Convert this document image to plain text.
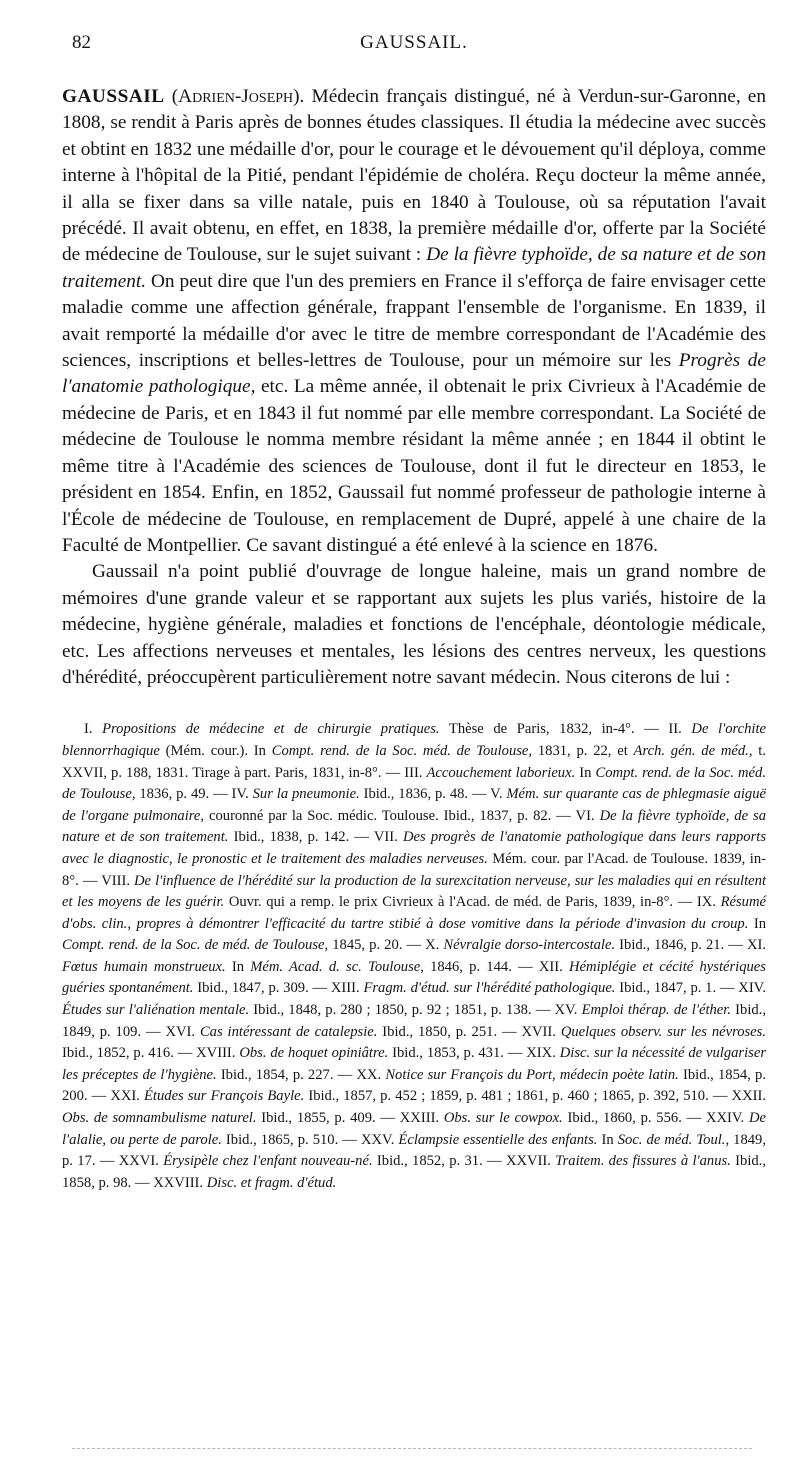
82	GAUSSAIL.

GAUSSAIL (Adrien-Joseph). Médecin français distingué, né à Verdun-sur-Garonne, en 1808, se rendit à Paris après de bonnes études classiques. Il étudia la médecine avec succès et obtint en 1832 une médaille d'or, pour le courage et le dévouement qu'il déploya, comme interne à l'hôpital de la Pitié, pendant l'épidémie de choléra. Reçu docteur la même année, il alla se fixer dans sa ville natale, puis en 1840 à Toulouse, où sa réputation l'avait précédé. Il avait obtenu, en effet, en 1838, la première médaille d'or, offerte par la Société de médecine de Toulouse, sur le sujet suivant : De la fièvre typhoïde, de sa nature et de son traitement. On peut dire que l'un des premiers en France il s'efforça de faire envisager cette maladie comme une affection générale, frappant l'ensemble de l'organisme. En 1839, il avait remporté la médaille d'or avec le titre de membre correspondant de l'Académie des sciences, inscriptions et belles-lettres de Toulouse, pour un mémoire sur les Progrès de l'anatomie pathologique, etc. La même année, il obtenait le prix Civrieux à l'Académie de médecine de Paris, et en 1843 il fut nommé par elle membre correspondant. La Société de médecine de Toulouse le nomma membre résidant la même année ; en 1844 il obtint le même titre à l'Académie des sciences de Toulouse, dont il fut le directeur en 1853, le président en 1854. Enfin, en 1852, Gaussail fut nommé professeur de pathologie interne à l'École de médecine de Toulouse, en remplacement de Dupré, appelé à une chaire de la Faculté de Montpellier. Ce savant distingué a été enlevé à la science en 1876.

Gaussail n'a point publié d'ouvrage de longue haleine, mais un grand nombre de mémoires d'une grande valeur et se rapportant aux sujets les plus variés, histoire de la médecine, hygiène générale, maladies et fonctions de l'encéphale, déontologie médicale, etc. Les affections nerveuses et mentales, les lésions des centres nerveux, les questions d'hérédité, préoccupèrent particulièrement notre savant médecin. Nous citerons de lui :

I. Propositions de médecine et de chirurgie pratiques. Thèse de Paris, 1832, in-4°. — II. De l'orchite blennorrhagique (Mém. cour.). In Compt. rend. de la Soc. méd. de Toulouse, 1831, p. 22, et Arch. gén. de méd., t. XXVII, p. 188, 1831. Tirage à part. Paris, 1831, in-8°. — III. Accouchement laborieux. In Compt. rend. de la Soc. méd. de Toulouse, 1836, p. 49. — IV. Sur la pneumonie. Ibid., 1836, p. 48. — V. Mém. sur quarante cas de phlegmasie aiguë de l'organe pulmonaire, couronné par la Soc. médic. Toulouse. Ibid., 1837, p. 82. — VI. De la fièvre typhoïde, de sa nature et de son traitement. Ibid., 1838, p. 142. — VII. Des progrès de l'anatomie pathologique dans leurs rapports avec le diagnostic, le pronostic et le traitement des maladies nerveuses. Mém. cour. par l'Acad. de Toulouse. 1839, in-8°. — VIII. De l'influence de l'hérédité sur la production de la surexcitation nerveuse, sur les maladies qui en résultent et les moyens de les guérir. Ouvr. qui a remp. le prix Civrieux à l'Acad. de méd. de Paris, 1839, in-8°. — IX. Résumé d'obs. clin., propres à démontrer l'efficacité du tartre stibié à dose vomitive dans la période d'invasion du croup. In Compt. rend. de la Soc. de méd. de Toulouse, 1845, p. 20. — X. Névralgie dorso-intercostale. Ibid., 1846, p. 21. — XI. Fœtus humain monstrueux. In Mém. Acad. d. sc. Toulouse, 1846, p. 144. — XII. Hémiplégie et cécité hystériques guéries spontanément. Ibid., 1847, p. 309. — XIII. Fragm. d'étud. sur l'hérédité pathologique. Ibid., 1847, p. 1. — XIV. Études sur l'aliénation mentale. Ibid., 1848, p. 280 ; 1850, p. 92 ; 1851, p. 138. — XV. Emploi thérap. de l'éther. Ibid., 1849, p. 109. — XVI. Cas intéressant de catalepsie. Ibid., 1850, p. 251. — XVII. Quelques observ. sur les névroses. Ibid., 1852, p. 416. — XVIII. Obs. de hoquet opiniâtre. Ibid., 1853, p. 431. — XIX. Disc. sur la nécessité de vulgariser les préceptes de l'hygiène. Ibid., 1854, p. 227. — XX. Notice sur François du Port, médecin poète latin. Ibid., 1854, p. 200. — XXI. Études sur François Bayle. Ibid., 1857, p. 452 ; 1859, p. 481 ; 1861, p. 460 ; 1865, p. 392, 510. — XXII. Obs. de somnambulisme naturel. Ibid., 1855, p. 409. — XXIII. Obs. sur le cowpox. Ibid., 1860, p. 556. — XXIV. De l'alalie, ou perte de parole. Ibid., 1865, p. 510. — XXV. Éclampsie essentielle des enfants. In Soc. de méd. Toul., 1849, p. 17. — XXVI. Érysipèle chez l'enfant nouveau-né. Ibid., 1852, p. 31. — XXVII. Traitem. des fissures à l'anus. Ibid., 1858, p. 98. — XXVIII. Disc. et fragm. d'étud.
